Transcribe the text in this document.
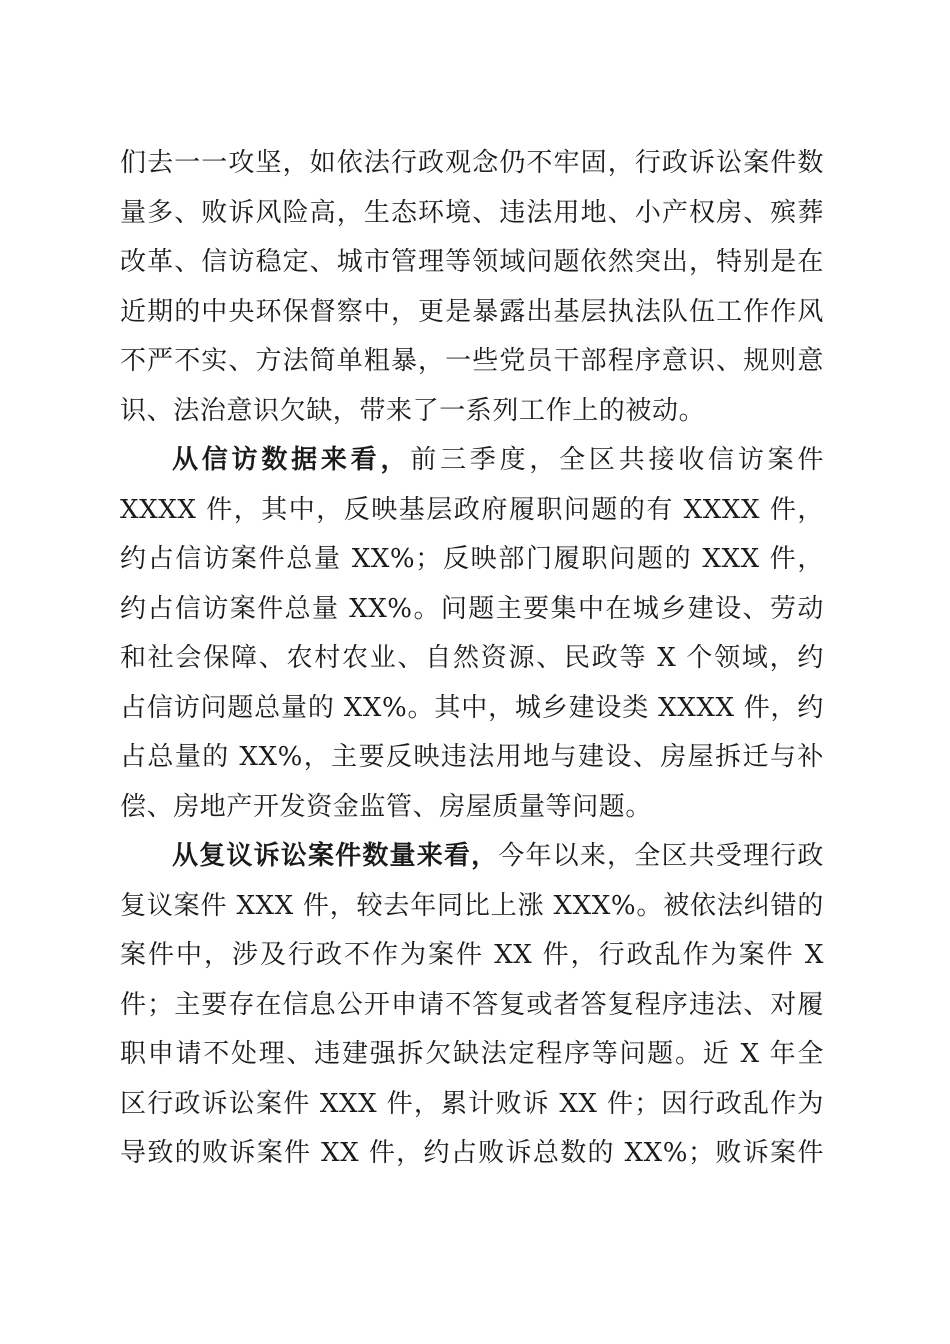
们去一一攻坚，如依法行政观念仍不牢固，行政诉讼案件数
量多、败诉风险高，生态环境、违法用地、小产权房、殡葬
改革、信访稳定、城市管理等领域问题依然突出，特别是在
近期的中央环保督察中，更是暴露出基层执法队伍工作作风
不严不实、方法简单粗暴，一些党员干部程序意识、规则意
识、法治意识欠缺，带来了一系列工作上的被动。
从信访数据来看，前三季度，全区共接收信访案件
XXXX 件，其中，反映基层政府履职问题的有 XXXX 件，
约占信访案件总量 XX%；反映部门履职问题的 XXX 件，
约占信访案件总量 XX%。问题主要集中在城乡建设、劳动
和社会保障、农村农业、自然资源、民政等 X 个领域，约
占信访问题总量的 XX%。其中，城乡建设类 XXXX 件，约
占总量的 XX%，主要反映违法用地与建设、房屋拆迁与补
偿、房地产开发资金监管、房屋质量等问题。
从复议诉讼案件数量来看，今年以来，全区共受理行政
复议案件 XXX 件，较去年同比上涨 XXX%。被依法纠错的
案件中，涉及行政不作为案件 XX 件，行政乱作为案件 X
件；主要存在信息公开申请不答复或者答复程序违法、对履
职申请不处理、违建强拆欠缺法定程序等问题。近 X 年全
区行政诉讼案件 XXX 件，累计败诉 XX 件；因行政乱作为
导致的败诉案件 XX 件，约占败诉总数的 XX%；败诉案件
